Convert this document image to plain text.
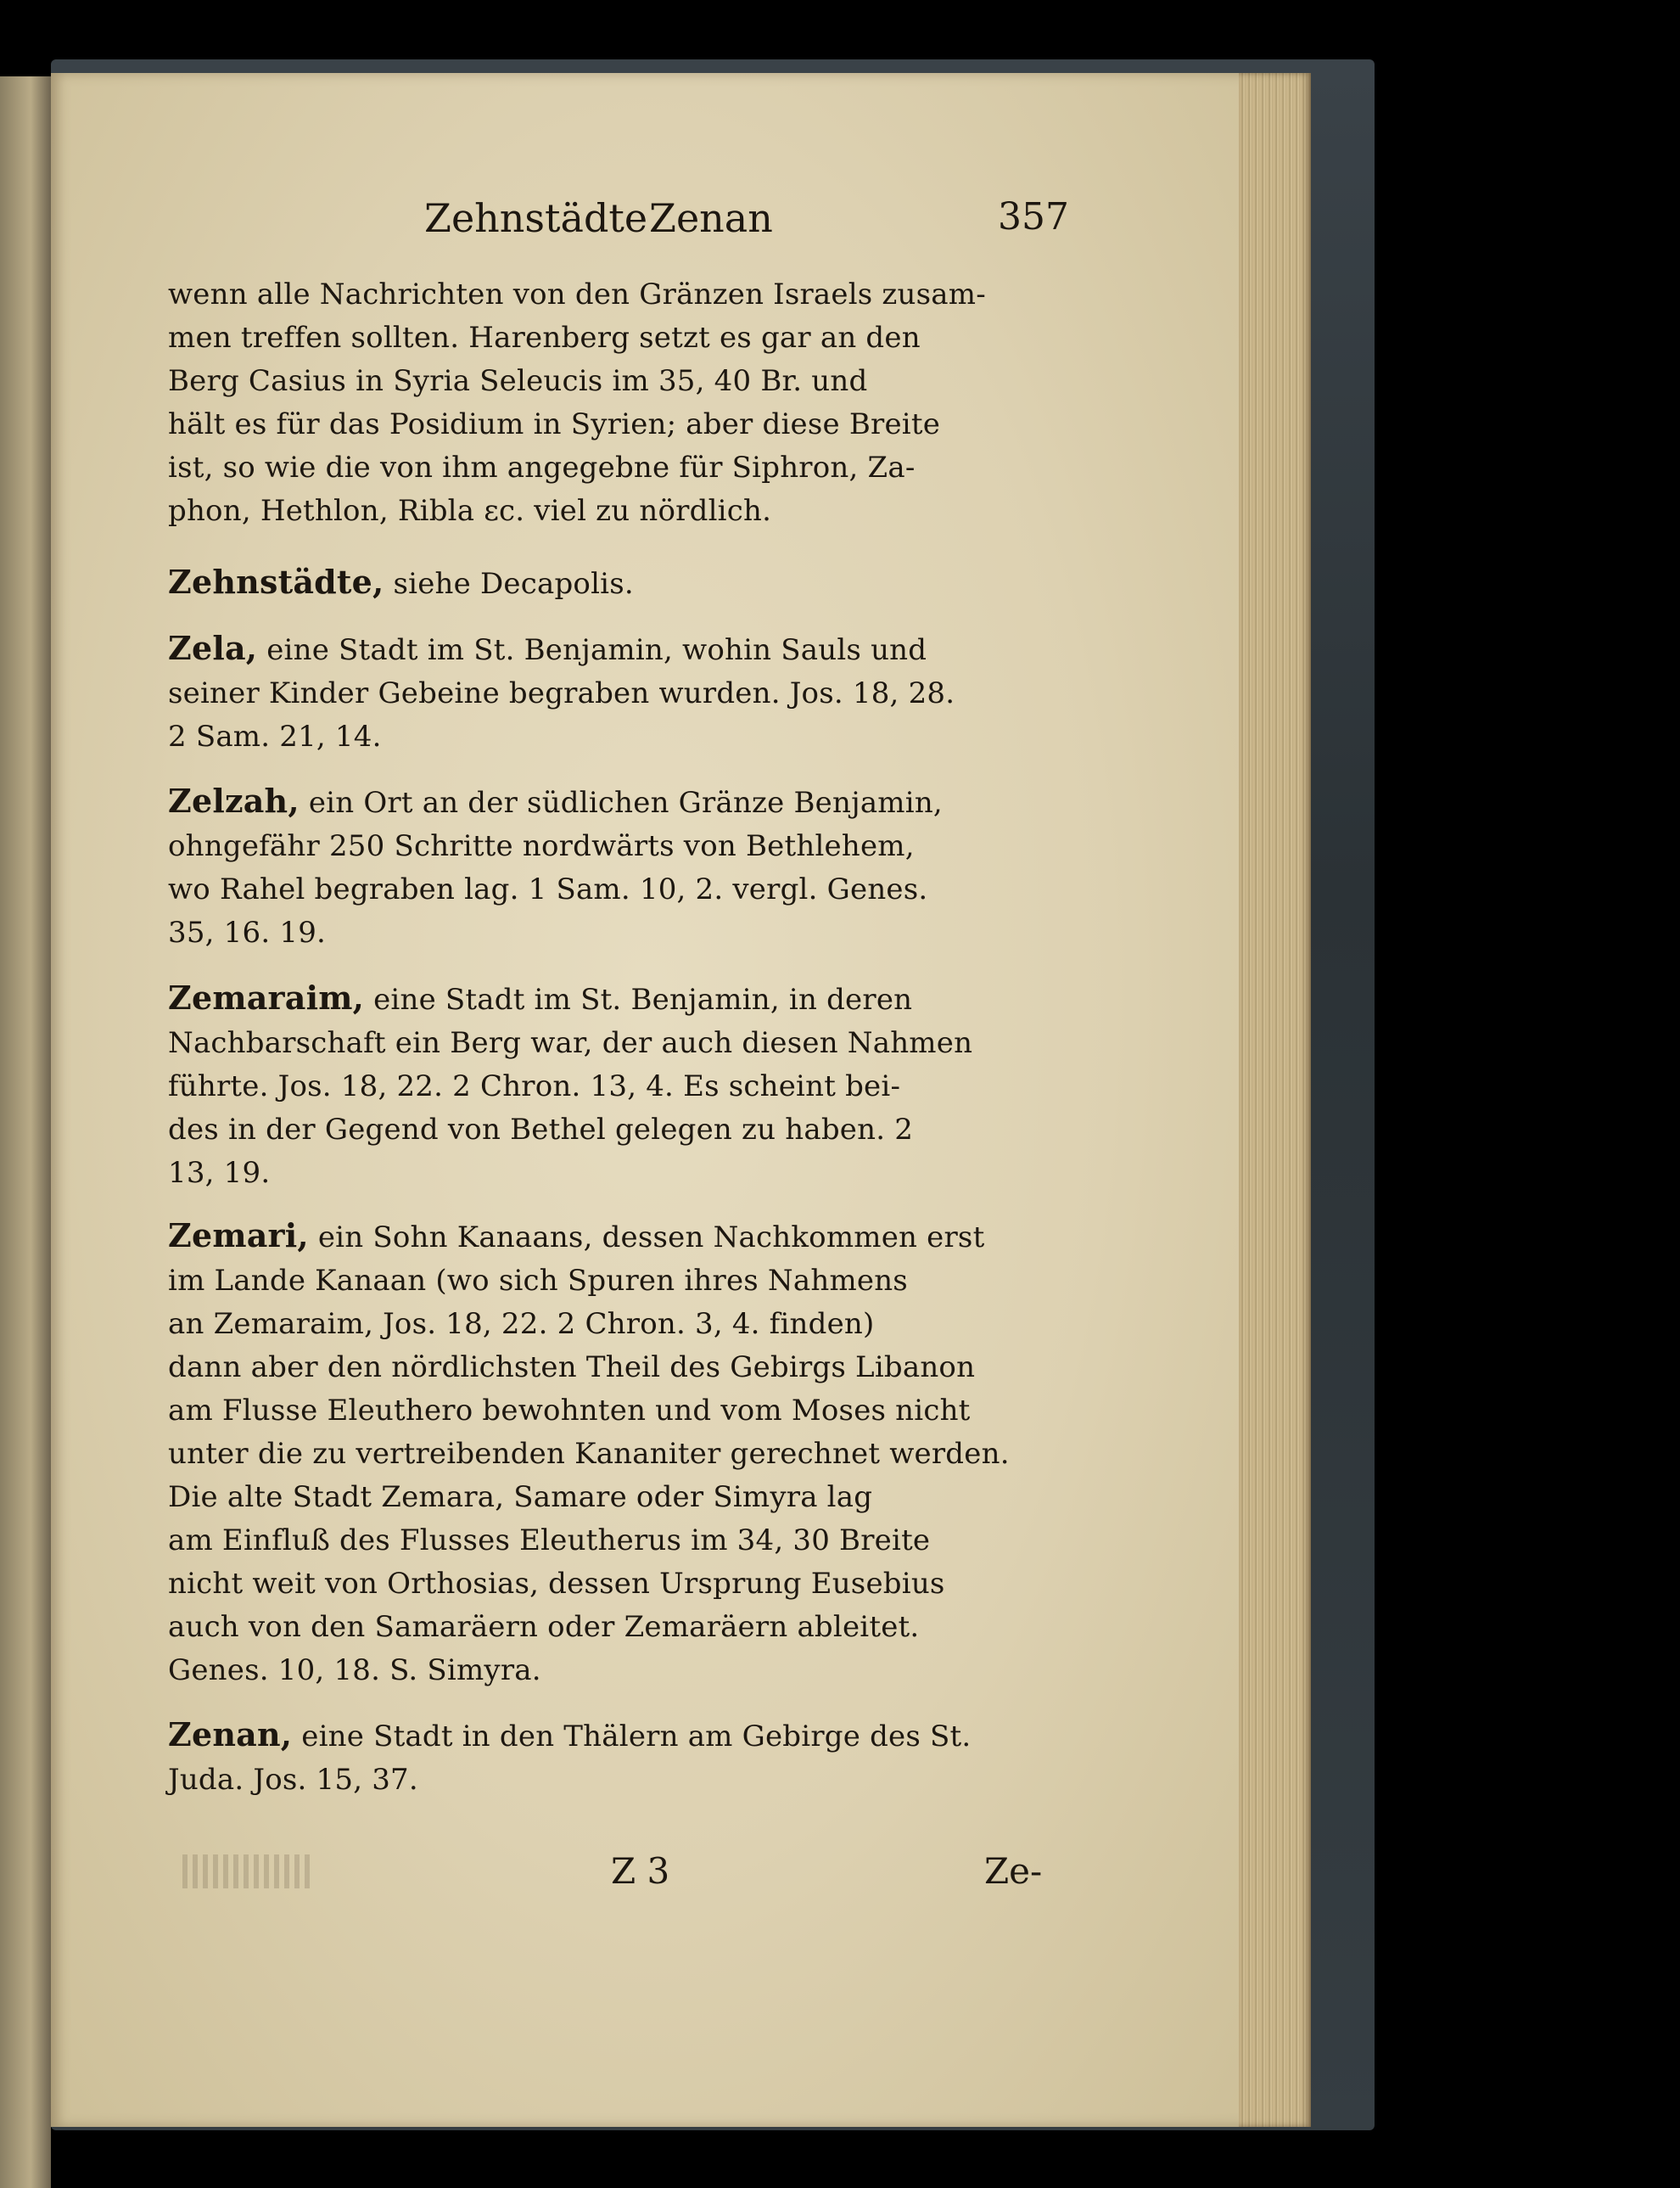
Zehnstädte Zenan	357
wenn alle Nachrichten von den Gränzen Israels zusam-
men treffen sollten. Harenberg setzt es gar an den
Berg Casius in Syria Seleucis im 35, 40 Br. und
hält es für das Posidium in Syrien; aber diese Breite
ist, so wie die von ihm angegebne für Siphron, Za-
phon, Hethlon, Ribla ɛc. viel zu nördlich.
Zehnstädte, siehe Decapolis.
Zela, eine Stadt im St. Benjamin, wohin Sauls und
seiner Kinder Gebeine begraben wurden. Jos. 18, 28.
2 Sam. 21, 14.
Zelzah, ein Ort an der südlichen Gränze Benjamin,
ohngefähr 250 Schritte nordwärts von Bethlehem,
wo Rahel begraben lag. 1 Sam. 10, 2. vergl. Genes.
35, 16. 19.
Zemaraim, eine Stadt im St. Benjamin, in deren
Nachbarschaft ein Berg war, der auch diesen Nahmen
führte. Jos. 18, 22. 2 Chron. 13, 4. Es scheint bei-
des in der Gegend von Bethel gelegen zu haben. 2
13, 19.
Zemari, ein Sohn Kanaans, dessen Nachkommen erst
im Lande Kanaan (wo sich Spuren ihres Nahmens
an Zemaraim, Jos. 18, 22. 2 Chron. 3, 4. finden)
dann aber den nördlichsten Theil des Gebirgs Libanon
am Flusse Eleuthero bewohnten und vom Moses nicht
unter die zu vertreibenden Kananiter gerechnet werden.
Die alte Stadt Zemara, Samare oder Simyra lag
am Einfluß des Flusses Eleutherus im 34, 30 Breite
nicht weit von Orthosias, dessen Ursprung Eusebius
auch von den Samaräern oder Zemaräern ableitet.
Genes. 10, 18. S. Simyra.
Zenan, eine Stadt in den Thälern am Gebirge des St.
Juda. Jos. 15, 37.
Z 3	Ze-
